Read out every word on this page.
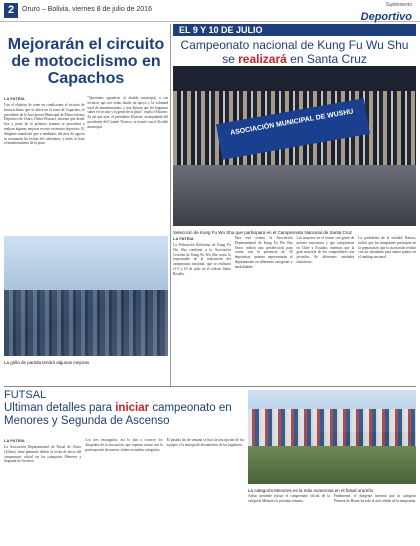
2	Oruro – Bolivia, viernes 8 de julio de 2016
Suplemento
Deportivo
Mejorarán el circuito de motociclismo en Capachos
LA PATRIA

Con el objetivo de tener en condiciones el circuito de motociclismo que se ubica en la zona de Capachos, el presidente de la Asociación Municipal de Motociclismo Deportivo de Oruro, Dieter Elsasser, informó que desde hoy y parte de la próxima semana se procederá a realizar algunas mejoras en este escenario deportivo. El dirigente manifestó que a mediados del mes de agosto se retomarán las fechas del calendario, y antes se hará el mantenimiento de la pista.

"Queremos agradecer al alcalde municipal, a sus técnicos que nos están dando un apoyo y la voluntad total de mantenimiento, y nos dijeron que les hagamos saber el circuito y la gente de la pista", explicó Elsasser. Es así que ayer, el presidente Elsasser, acompañado del presidente del Comité Técnico, se reunió con el Alcalde municipal.

La grilla de partida tendrá algunas mejoras
EL 9 Y 10 DE JULIO
Campeonato nacional de Kung Fu Wu Shu se realizará en Santa Cruz
ASOCIACIÓN MUNICIPAL DE WUSHU
Selección de Kung Fu Wu Shu que participará en el Campeonato Nacional de Santa Cruz
LA PATRIA

La Federación Boliviana de Kung Fu Wu Shu confirmó a la Asociación Cruceña de Kung Fu Wu Shu como la responsable de la realización del campeonato nacional, que se realizará el 9 y 10 de julio en el coliseo Santa Rosalía.

Para este evento la Asociación Departamental de Kung Fu Wu Shu Oruro realizó una preselección para contar con la presencia de 30 deportistas, quienes representarán al departamento en diferentes categorías y modalidades.

Los mayores en el torneo son gente de notoria trayectoria y que compitieron en Chile y Ecuador, mientras que la gran mayoría de los competidores son juveniles de diferentes unidades educativas.

La presidenta de la entidad, Ramos, indicó que los integrantes participan en la preparación que la asociación realizó con un calendario para sumar puntos en el ranking nacional.

FUTSAL
Ultiman detalles para iniciar campeonato en Menores y Segunda de Ascenso
LA PATRIA

La Asociación Departamental de Futsal de Oruro (Adfuo), tiene planeado definir la fecha de inicio del campeonato oficial en las categorías Menores y Segunda de Ascenso.

Los tres encargados, así lo dan a conocer los dirigentes de la asociación, que esperan contar con la participación de nuevos clubes en ambas categorías.

El pasado fin de semana se hizo la inscripción de los equipos y la entrega de documentos de los jugadores.

La categoría Menores es la más numerosa en el futsal orureño

Adfuo pretende iniciar el campeonato oficial de la categoría Menores la próxima semana.

Finalmente, el dirigente informó que la categoría Primera de Honor ha sido el más reñido de la temporada.
